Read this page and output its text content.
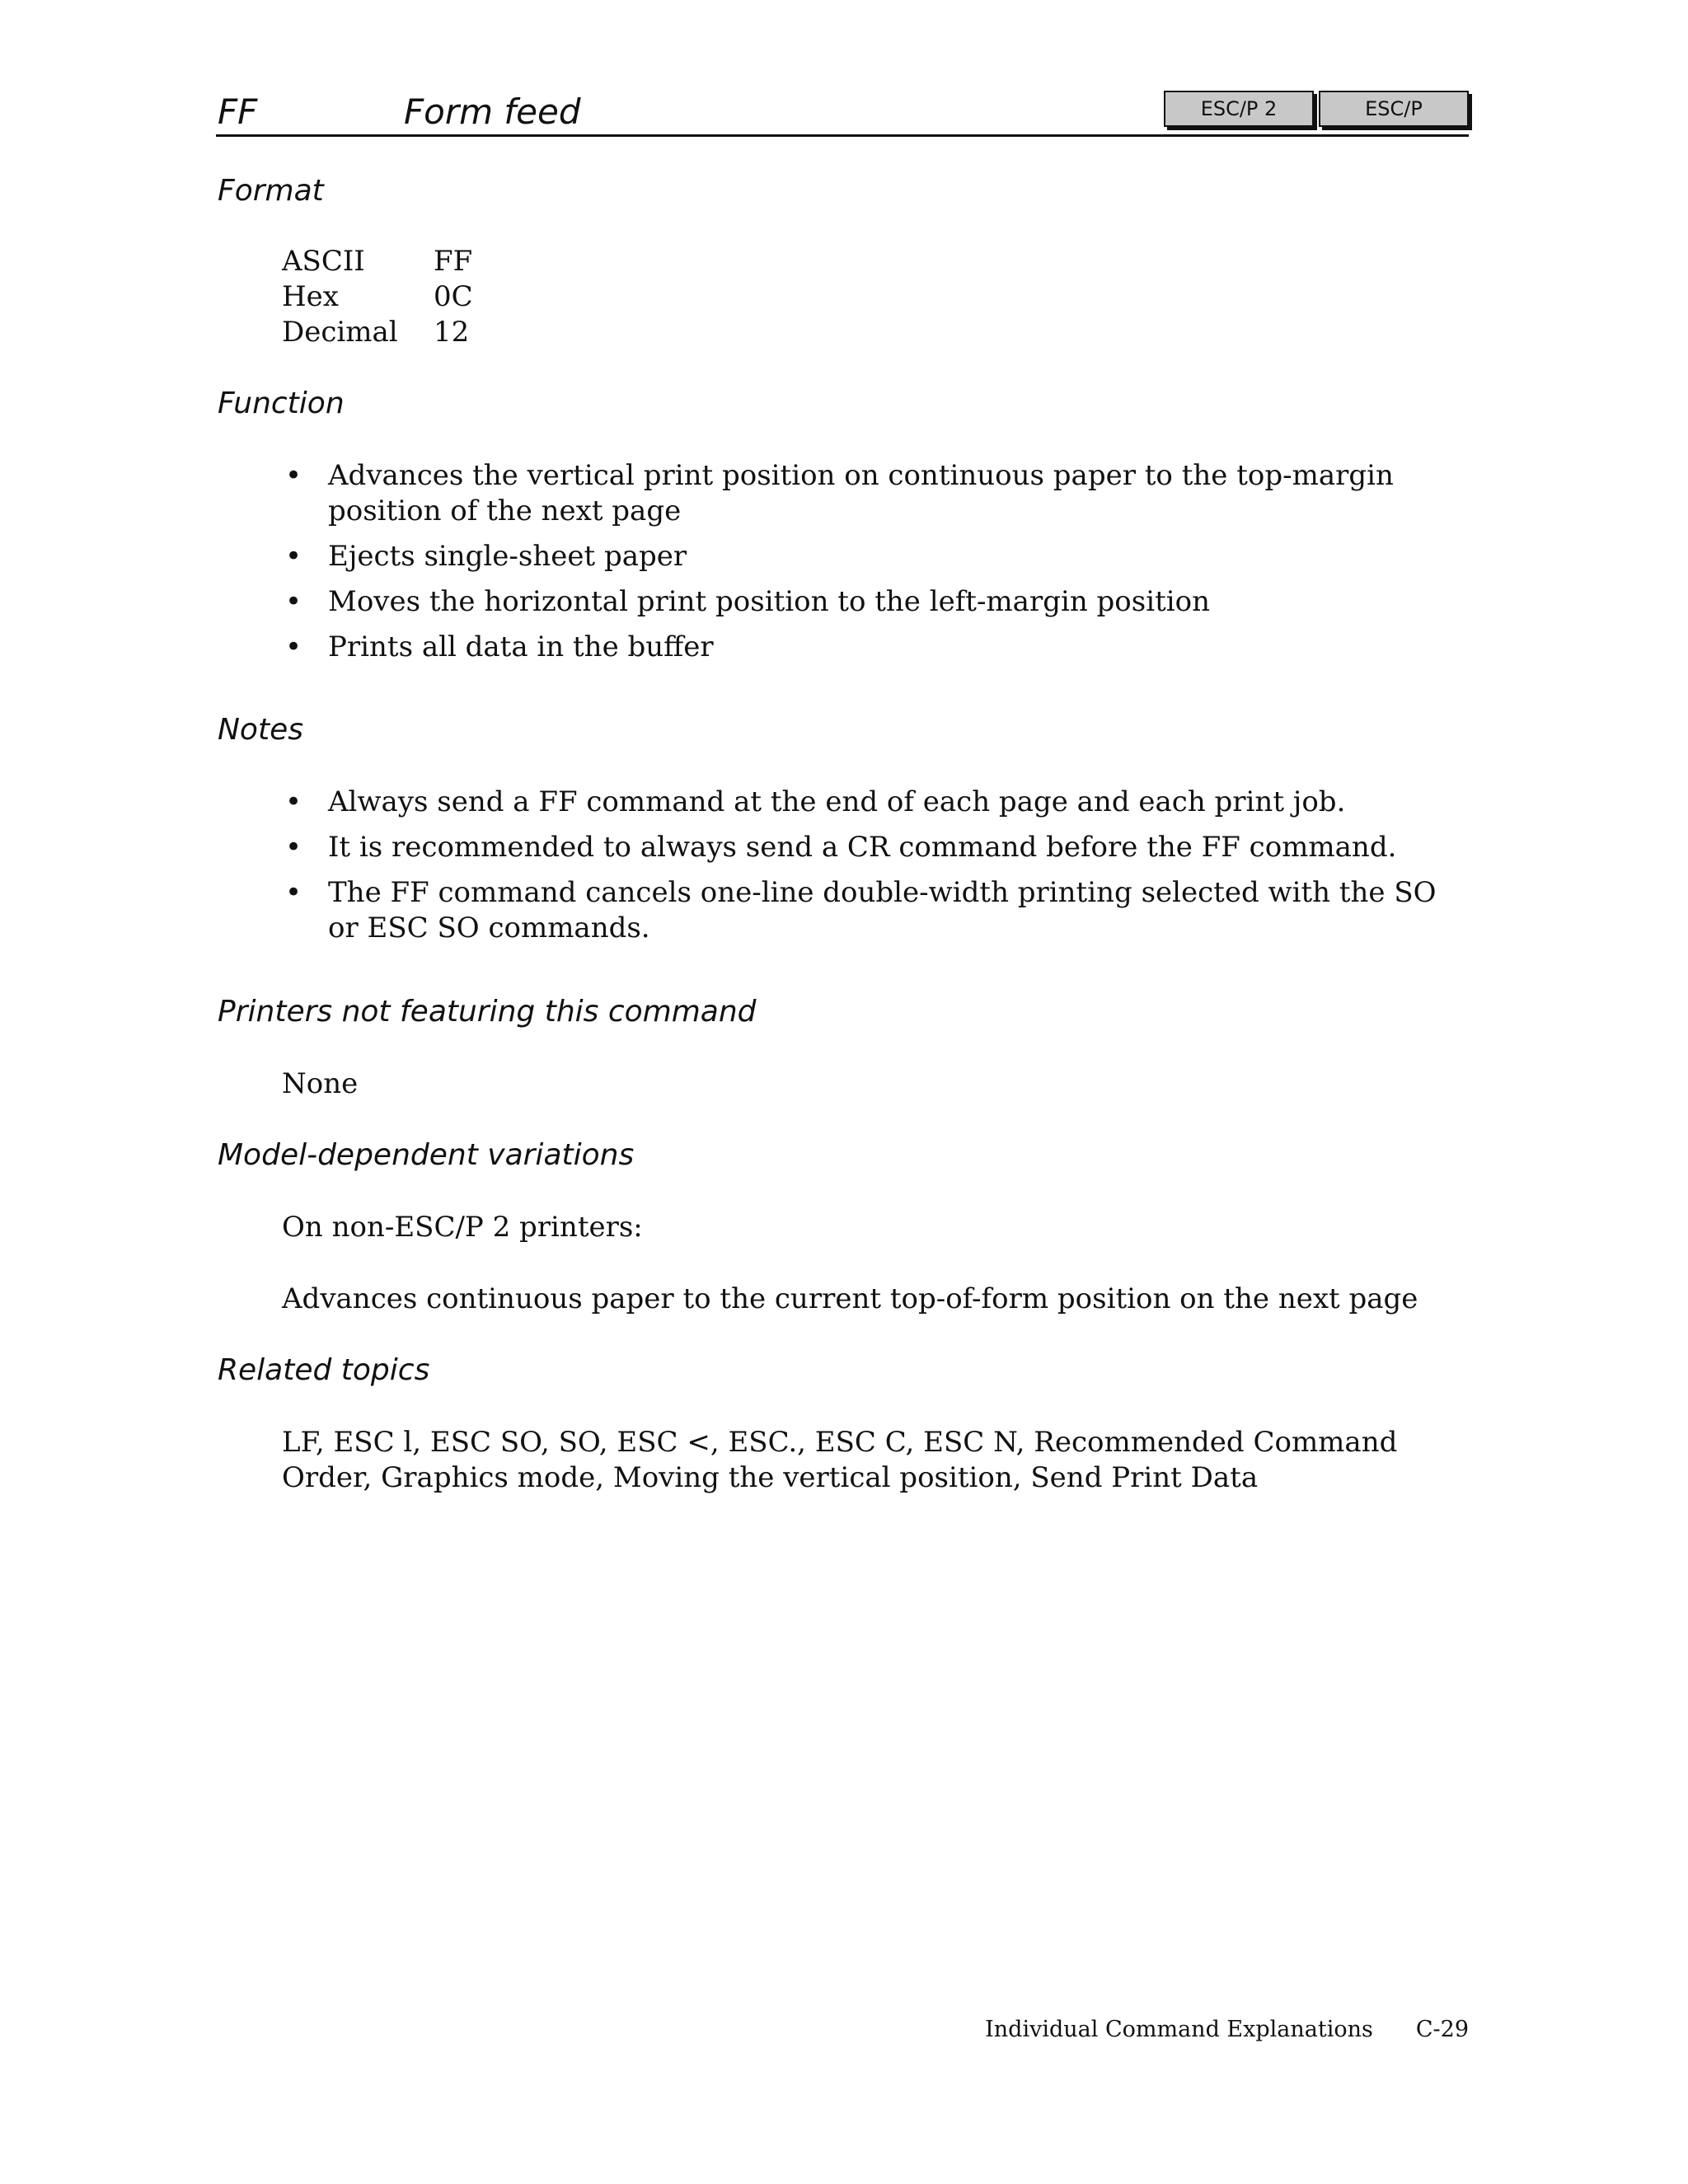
FF	Form feed	ESC/P 2	ESC/P
Format
ASCII	FF
Hex	0C
Decimal	12
Function
• Advances the vertical print position on continuous paper to the top-margin position of the next page
• Ejects single-sheet paper
• Moves the horizontal print position to the left-margin position
• Prints all data in the buffer
Notes
• Always send a FF command at the end of each page and each print job.
• It is recommended to always send a CR command before the FF command.
• The FF command cancels one-line double-width printing selected with the SO or ESC SO commands.
Printers not featuring this command

None

Model-dependent variations

On non-ESC/P 2 printers:

Advances continuous paper to the current top-of-form position on the next page

Related topics

LF, ESC l, ESC SO, SO, ESC <, ESC., ESC C, ESC N, Recommended Command Order, Graphics mode, Moving the vertical position, Send Print Data

Individual Command Explanations C-29
